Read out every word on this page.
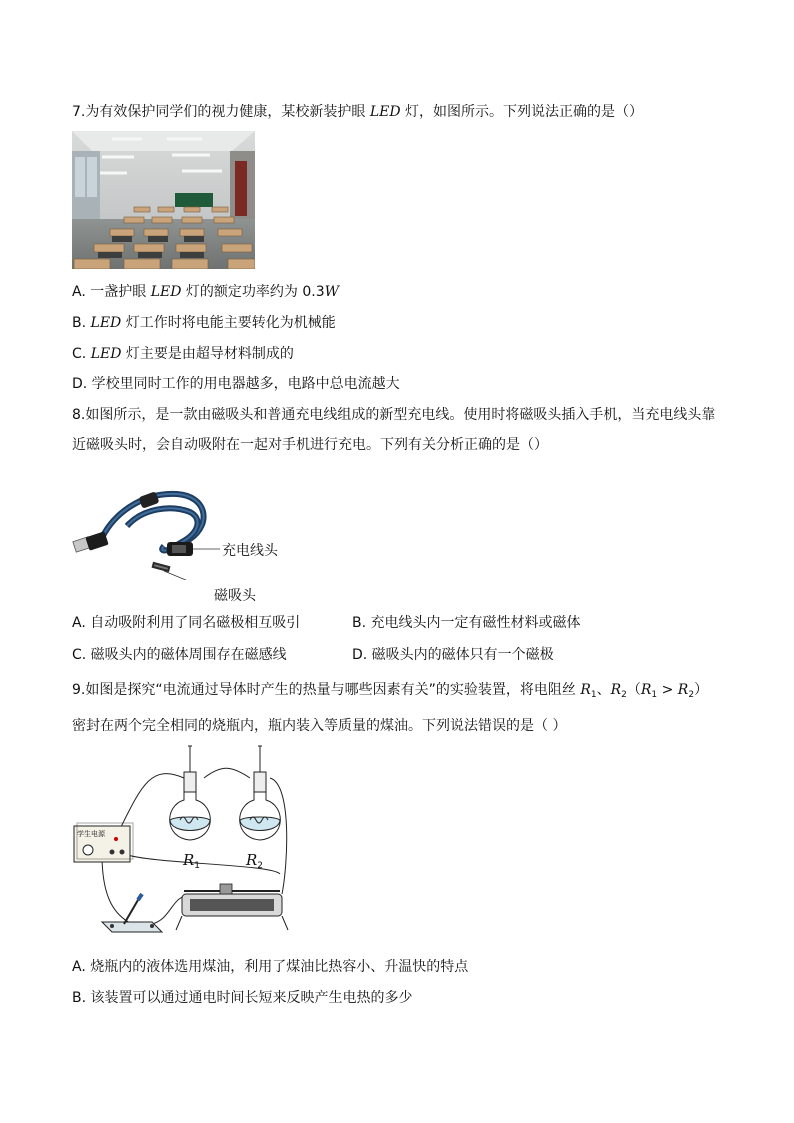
7.为有效保护同学们的视力健康，某校新装护眼 LED 灯，如图所示。下列说法正确的是（）
A. 一盏护眼 LED 灯的额定功率约为 0.3W
B. LED 灯工作时将电能主要转化为机械能
C. LED 灯主要是由超导材料制成的
D. 学校里同时工作的用电器越多，电路中总电流越大
8.如图所示，是一款由磁吸头和普通充电线组成的新型充电线。使用时将磁吸头插入手机，当充电线头靠
近磁吸头时，会自动吸附在一起对手机进行充电。下列有关分析正确的是（）
充电线头
磁吸头
A. 自动吸附利用了同名磁极相互吸引	B. 充电线头内一定有磁性材料或磁体
C. 磁吸头内的磁体周围存在磁感线	D. 磁吸头内的磁体只有一个磁极
9.如图是探究“电流通过导体时产生的热量与哪些因素有关”的实验装置，将电阻丝 $R_1$、$R_2(R_1 > R_2)$
密封在两个完全相同的烧瓶内，瓶内装入等质量的煤油。下列说法错误的是（ ）
$R_1$	$R_2$
学生电源
A. 烧瓶内的液体选用煤油，利用了煤油比热容小、升温快的特点
B. 该装置可以通过通电时间长短来反映产生电热的多少
